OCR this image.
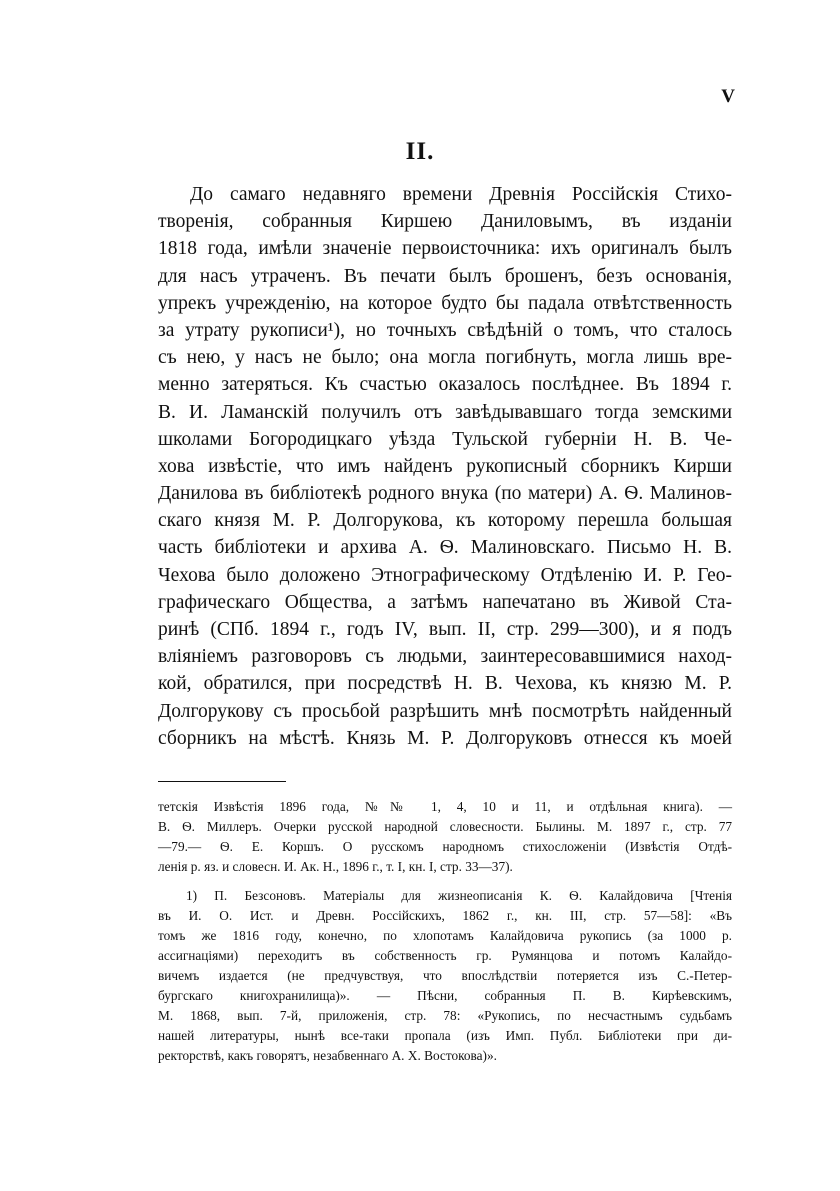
V
II.
До самаго недавняго времени Древнія Россійскія Стихо-
творенія, собранныя Киршею Даниловымъ, въ изданіи
1818 года, имѣли значеніе первоисточника: ихъ оригиналъ былъ
для насъ утраченъ. Въ печати былъ брошенъ, безъ основанія,
упрекъ учрежденію, на которое будто бы падала отвѣтственность
за утрату рукописи¹), но точныхъ свѣдѣній о томъ, что сталось
съ нею, у насъ не было; она могла погибнуть, могла лишь вре-
менно затеряться. Къ счастью оказалось послѣднее. Въ 1894 г.
В. И. Ламанскій получилъ отъ завѣдывавшаго тогда земскими
школами Богородицкаго уѣзда Тульской губерніи Н. В. Че-
хова извѣстіе, что имъ найденъ рукописный сборникъ Кирши
Данилова въ библіотекѣ родного внука (по матери) А. Ѳ. Малинов-
скаго князя М. Р. Долгорукова, къ которому перешла большая
часть библіотеки и архива А. Ѳ. Малиновскаго. Письмо Н. В.
Чехова было доложено Этнографическому Отдѣленію И. Р. Гео-
графическаго Общества, а затѣмъ напечатано въ Живой Ста-
ринѣ (СПб. 1894 г., годъ IV, вып. II, стр. 299—300), и я подъ
вліяніемъ разговоровъ съ людьми, заинтересовавшимися наход-
кой, обратился, при посредствѣ Н. В. Чехова, къ князю М. Р.
Долгорукову съ просьбой разрѣшить мнѣ посмотрѣть найденный
сборникъ на мѣстѣ. Князь М. Р. Долгоруковъ отнесся къ моей
тетскія Извѣстія 1896 года, №№ 1, 4, 10 и 11, и отдѣльная книга). —
В. Ѳ. Миллеръ. Очерки русской народной словесности. Былины. М. 1897 г., стр. 77
—79.— Ѳ. Е. Коршъ. О русскомъ народномъ стихосложеніи (Извѣстія Отдѣ-
ленія р. яз. и словесн. И. Ак. Н., 1896 г., т. I, кн. I, стр. 33—37).
1) П. Безсоновъ. Матеріалы для жизнеописанія К. Ѳ. Калайдовича [Чтенія
въ И. О. Ист. и Древн. Россійскихъ, 1862 г., кн. III, стр. 57—58]: «Въ
томъ же 1816 году, конечно, по хлопотамъ Калайдовича рукопись (за 1000 р.
ассигнаціями) переходитъ въ собственность гр. Румянцова и потомъ Калайдо-
вичемъ издается (не предчувствуя, что впослѣдствіи потеряется изъ С.-Петер-
бургскаго книгохранилища)». — Пѣсни, собранныя П. В. Кирѣевскимъ,
М. 1868, вып. 7-й, приложенія, стр. 78: «Рукопись, по несчастнымъ судьбамъ
нашей литературы, нынѣ все-таки пропала (изъ Имп. Публ. Библіотеки при ди-
ректорствѣ, какъ говорятъ, незабвеннаго А. Х. Востокова)».
